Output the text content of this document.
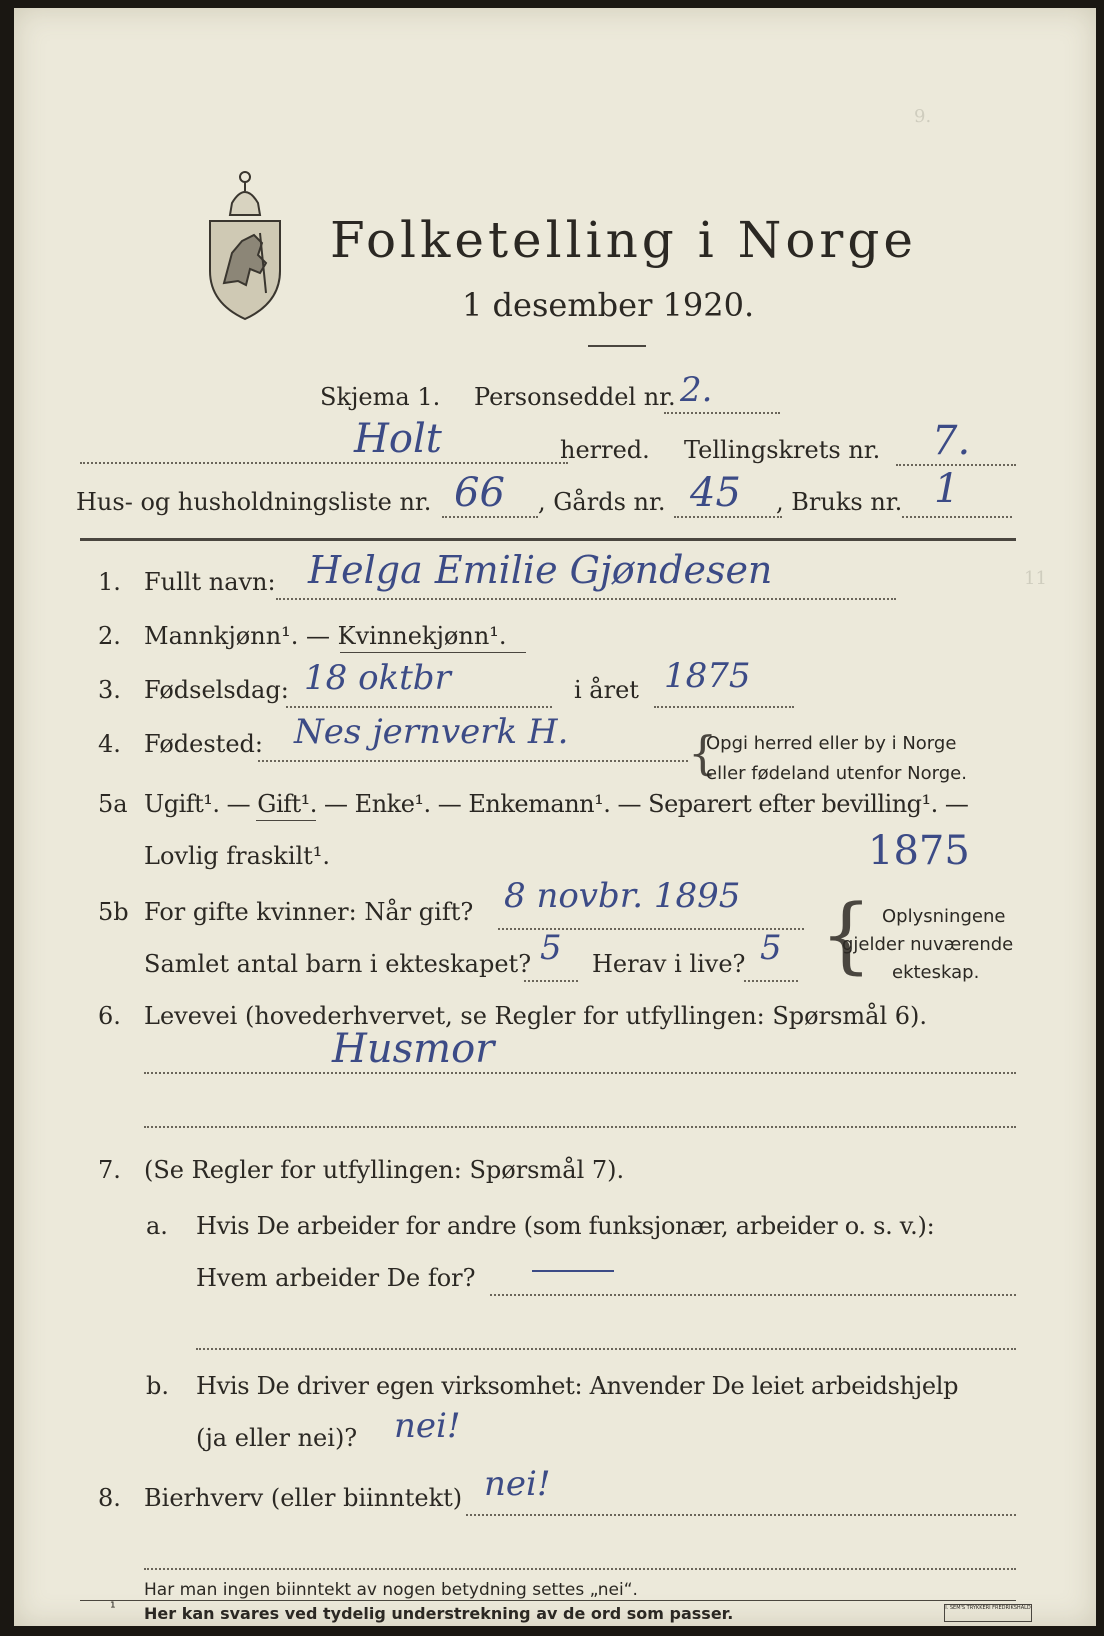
9.
11
Folketelling i Norge
1 desember 1920.
Skjema 1. Personseddel nr. 2.
Holt	herred. Tellingskrets nr. 7.
Hus- og husholdningsliste nr. 66 , Gårds nr. 45 , Bruks nr. 1
1. Fullt navn: Helga Emilie Gjøndesen
2. Mannkjønn¹. — Kvinnekjønn¹.
3. Fødselsdag: 18 oktbr	i året 1875
4. Fødested: Nes jernverk H.	{
Opgi herred eller by i Norge
eller fødeland utenfor Norge.
5a Ugift¹. — Gift¹. — Enke¹. — Enkemann¹. — Separert efter bevilling¹. —
Lovlig fraskilt¹.	1875
5b For gifte kvinner: Når gift? 8 novbr. 1895
Samlet antal barn i ekteskapet? 5 Herav i live? 5 { Oplysningene
gjelder nuværende
ekteskap.
6. Levevei (hovederhvervet, se Regler for utfyllingen: Spørsmål 6).
Husmor
7. (Se Regler for utfyllingen: Spørsmål 7).
a. Hvis De arbeider for andre (som funksjonær, arbeider o. s. v.):
Hvem arbeider De for?
b. Hvis De driver egen virksomhet: Anvender De leiet arbeidshjelp
(ja eller nei)? nei!
8. Bierhverv (eller biinntekt) nei!
Har man ingen biinntekt av nogen betydning settes „nei“.
¹ Her kan svares ved tydelig understrekning av de ord som passer.	I. SEM'S TRYKKERI FREDRIKSHALD
